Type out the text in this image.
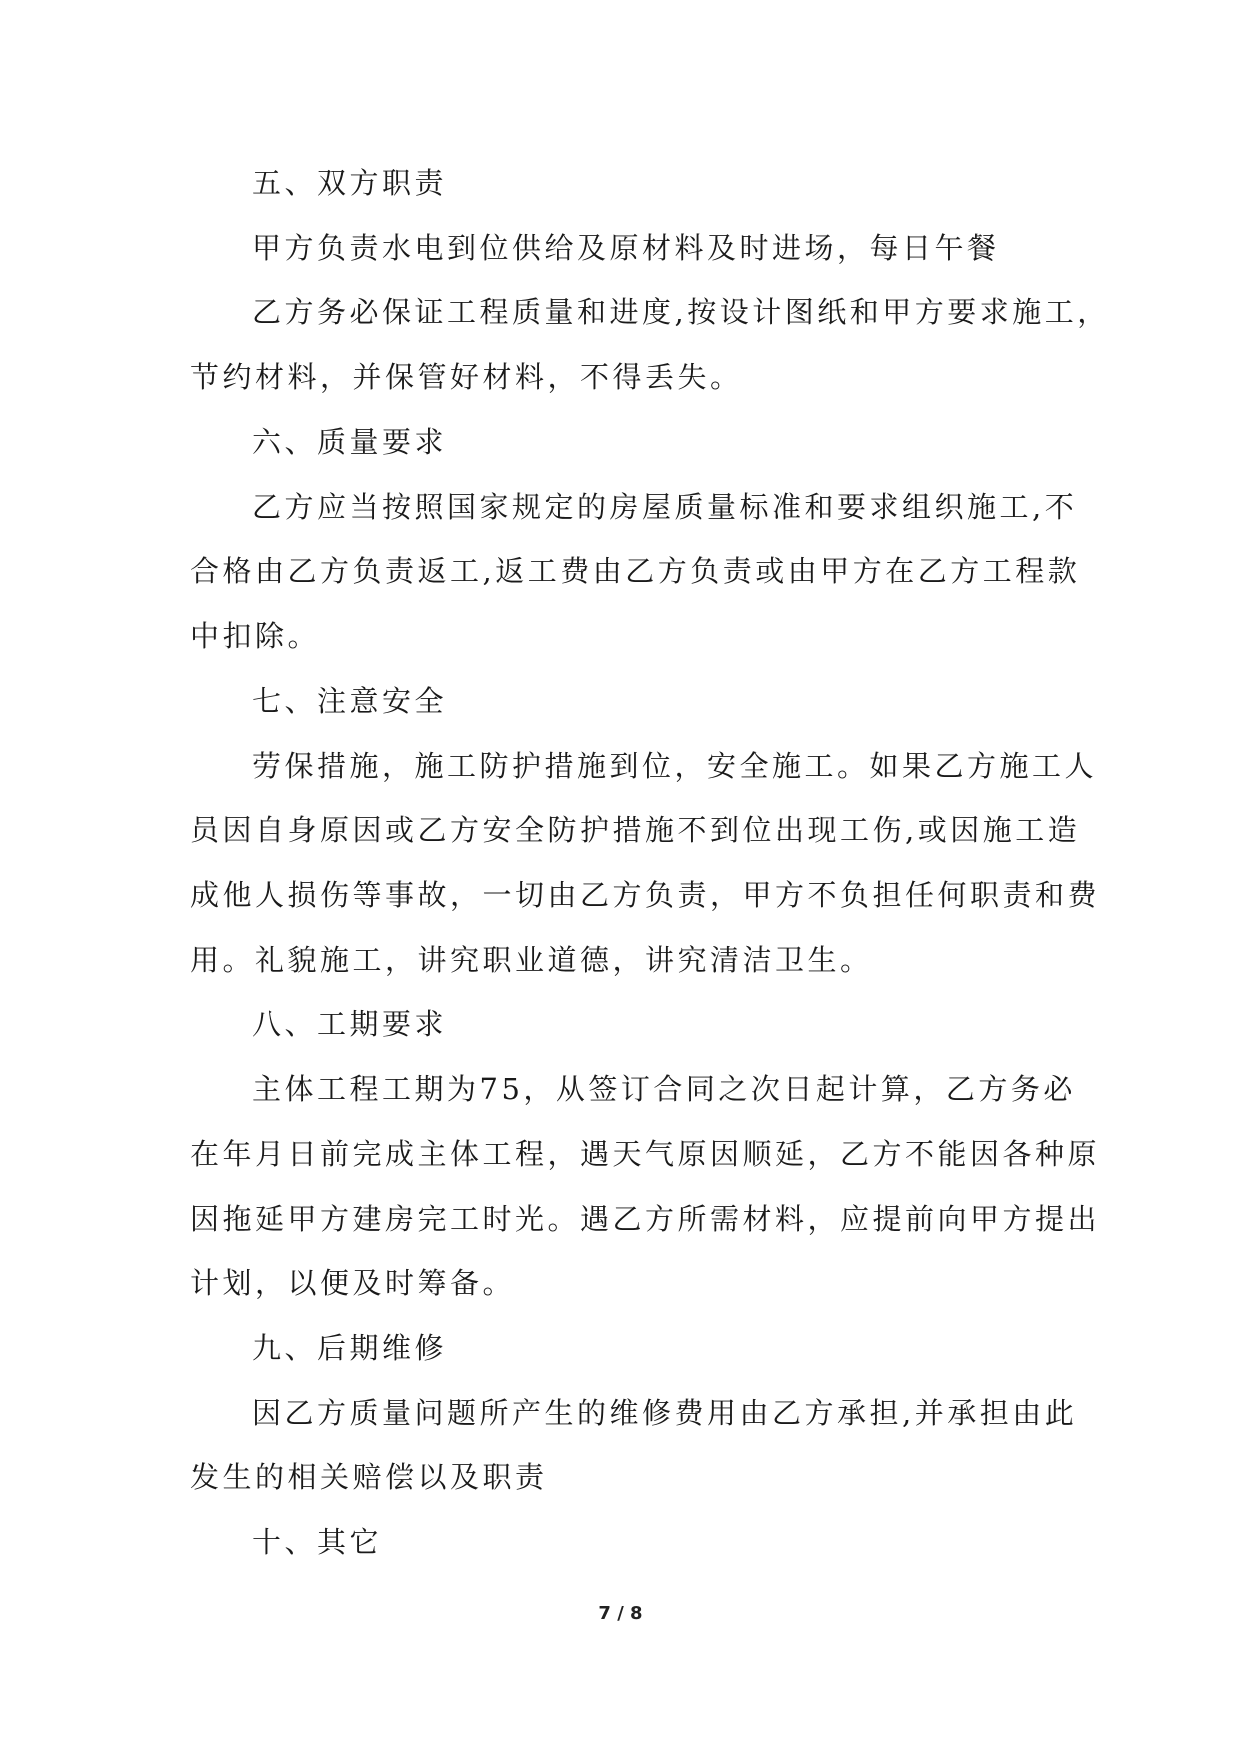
五、双方职责
甲方负责水电到位供给及原材料及时进场，每日午餐
乙方务必保证工程质量和进度,按设计图纸和甲方要求施工，
节约材料，并保管好材料，不得丢失。
六、质量要求
乙方应当按照国家规定的房屋质量标准和要求组织施工,不
合格由乙方负责返工,返工费由乙方负责或由甲方在乙方工程款
中扣除。
七、注意安全
劳保措施，施工防护措施到位，安全施工。如果乙方施工人
员因自身原因或乙方安全防护措施不到位出现工伤,或因施工造
成他人损伤等事故，一切由乙方负责，甲方不负担任何职责和费
用。礼貌施工，讲究职业道德，讲究清洁卫生。
八、工期要求
主体工程工期为75，从签订合同之次日起计算，乙方务必
在年月日前完成主体工程，遇天气原因顺延，乙方不能因各种原
因拖延甲方建房完工时光。遇乙方所需材料，应提前向甲方提出
计划，以便及时筹备。
九、后期维修
因乙方质量问题所产生的维修费用由乙方承担,并承担由此
发生的相关赔偿以及职责
十、其它
7 / 8
